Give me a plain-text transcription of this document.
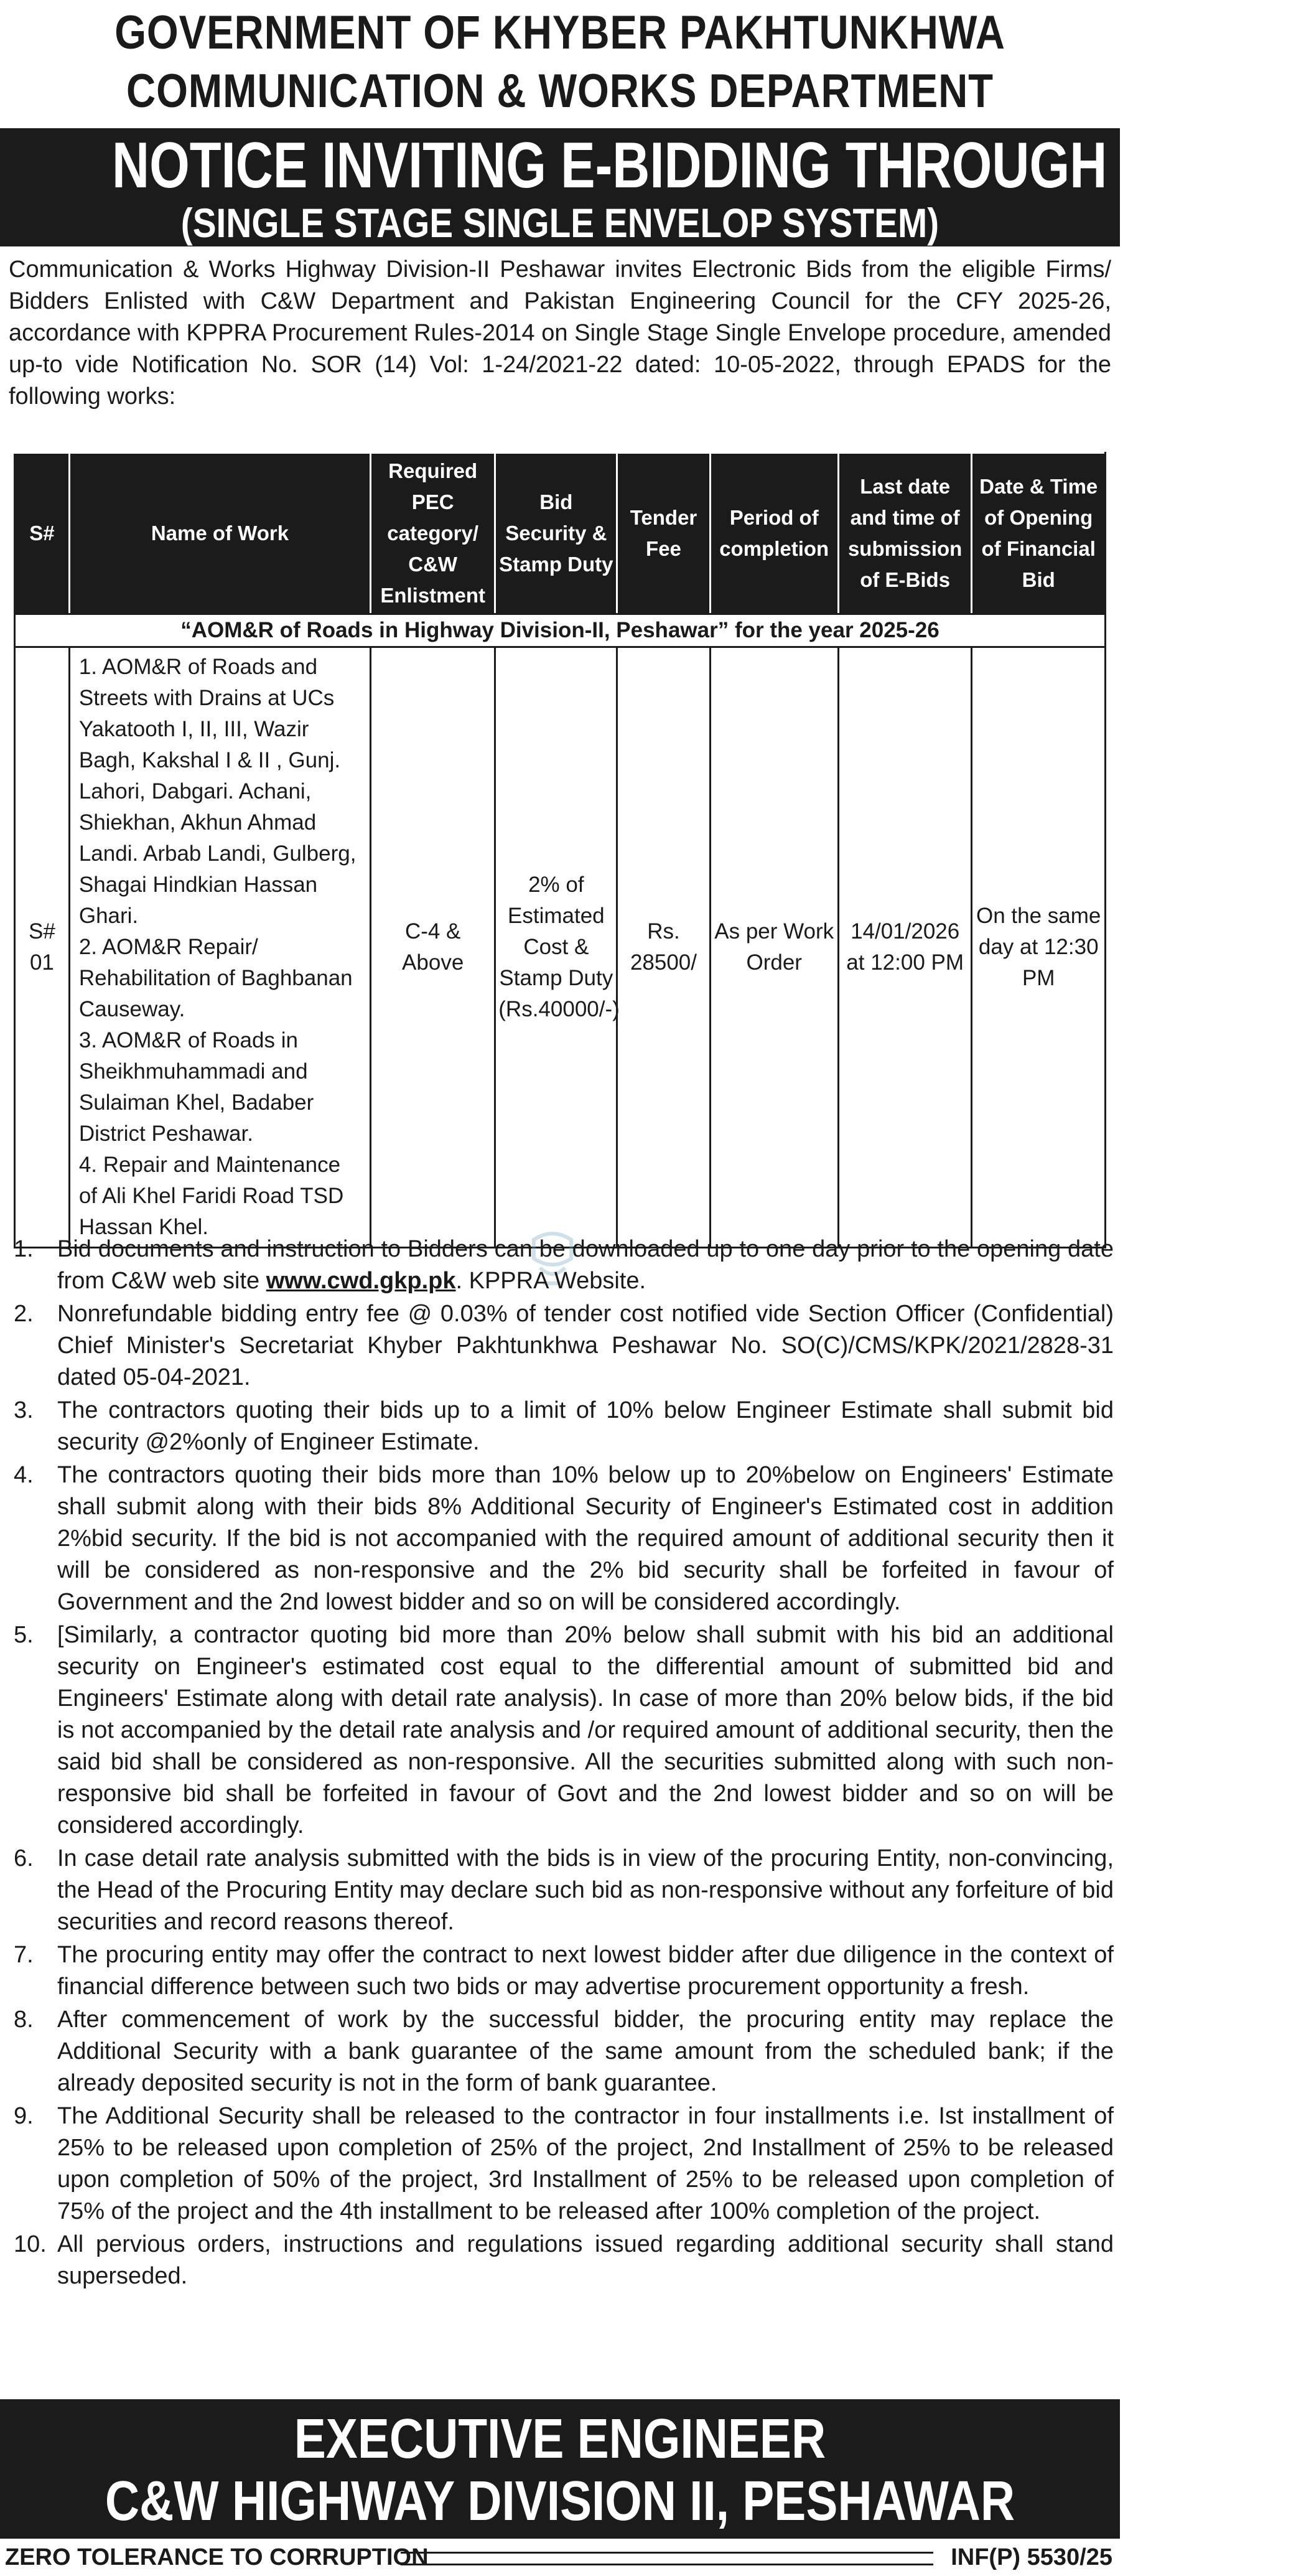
GOVERNMENT OF KHYBER PAKHTUNKHWA
COMMUNICATION & WORKS DEPARTMENT
NOTICE INVITING E-BIDDING THROUGH EPADS
(SINGLE STAGE SINGLE ENVELOP SYSTEM)

Communication & Works Highway Division-II Peshawar invites Electronic Bids from the eligible Firms/ Bidders Enlisted with C&W Department and Pakistan Engineering Council for the CFY 2025-26, accordance with KPPRA Procurement Rules-2014 on Single Stage Single Envelope procedure, amended up-to vide Notification No. SOR (14) Vol: 1-24/2021-22 dated: 10-05-2022, through EPADS for the following works:

S#	Name of Work	Required PEC category/ C&W Enlistment	Bid Security & Stamp Duty	Tender Fee	Period of completion	Last date and time of submission of E-Bids	Date & Time of Opening of Financial Bid
“AOM&R of Roads in Highway Division-II, Peshawar” for the year 2025-26							
S# 01	1. AOM&R of Roads and Streets with Drains at UCs Yakatooth I, II, III, Wazir Bagh, Kakshal I & II , Gunj. Lahori, Dabgari. Achani, Shiekhan, Akhun Ahmad Landi. Arbab Landi, Gulberg, Shagai Hindkian Hassan Ghari.
2. AOM&R Repair/ Rehabilitation of Baghbanan Causeway.
3. AOM&R of Roads in Sheikhmuhammadi and Sulaiman Khel, Badaber District Peshawar.
4. Repair and Maintenance of Ali Khel Faridi Road TSD Hassan Khel.	C-4 & Above	2% of Estimated Cost & Stamp Duty (Rs.40000/-)	Rs. 28500/	As per Work Order	14/01/2026 at 12:00 PM	On the same day at 12:30 PM
1. Bid documents and instruction to Bidders can be downloaded up to one day prior to the opening date from C&W web site www.cwd.gkp.pk. KPPRA Website.
2. Nonrefundable bidding entry fee @ 0.03% of tender cost notified vide Section Officer (Confidential) Chief Minister's Secretariat Khyber Pakhtunkhwa Peshawar No. SO(C)/CMS/KPK/2021/2828-31 dated 05-04-2021.
3. The contractors quoting their bids up to a limit of 10% below Engineer Estimate shall submit bid security @2%only of Engineer Estimate.
4. The contractors quoting their bids more than 10% below up to 20%below on Engineers' Estimate shall submit along with their bids 8% Additional Security of Engineer's Estimated cost in addition 2%bid security. If the bid is not accompanied with the required amount of additional security then it will be considered as non-responsive and the 2% bid security shall be forfeited in favour of Government and the 2nd lowest bidder and so on will be considered accordingly.
5. [Similarly, a contractor quoting bid more than 20% below shall submit with his bid an additional security on Engineer's estimated cost equal to the differential amount of submitted bid and Engineers' Estimate along with detail rate analysis). In case of more than 20% below bids, if the bid is not accompanied by the detail rate analysis and /or required amount of additional security, then the said bid shall be considered as non-responsive. All the securities submitted along with such non-responsive bid shall be forfeited in favour of Govt and the 2nd lowest bidder and so on will be considered accordingly.
6. In case detail rate analysis submitted with the bids is in view of the procuring Entity, non-convincing, the Head of the Procuring Entity may declare such bid as non-responsive without any forfeiture of bid securities and record reasons thereof.
7. The procuring entity may offer the contract to next lowest bidder after due diligence in the context of financial difference between such two bids or may advertise procurement opportunity a fresh.
8. After commencement of work by the successful bidder, the procuring entity may replace the Additional Security with a bank guarantee of the same amount from the scheduled bank; if the already deposited security is not in the form of bank guarantee.
9. The Additional Security shall be released to the contractor in four installments i.e. Ist installment of 25% to be released upon completion of 25% of the project, 2nd Installment of 25% to be released upon completion of 50% of the project, 3rd Installment of 25% to be released upon completion of 75% of the project and the 4th installment to be released after 100% completion of the project.
10. All pervious orders, instructions and regulations issued regarding additional security shall stand superseded.
EXECUTIVE ENGINEER
C&W HIGHWAY DIVISION II, PESHAWAR
ZERO TOLERANCE TO CORRUPTION	INF(P) 5530/25
